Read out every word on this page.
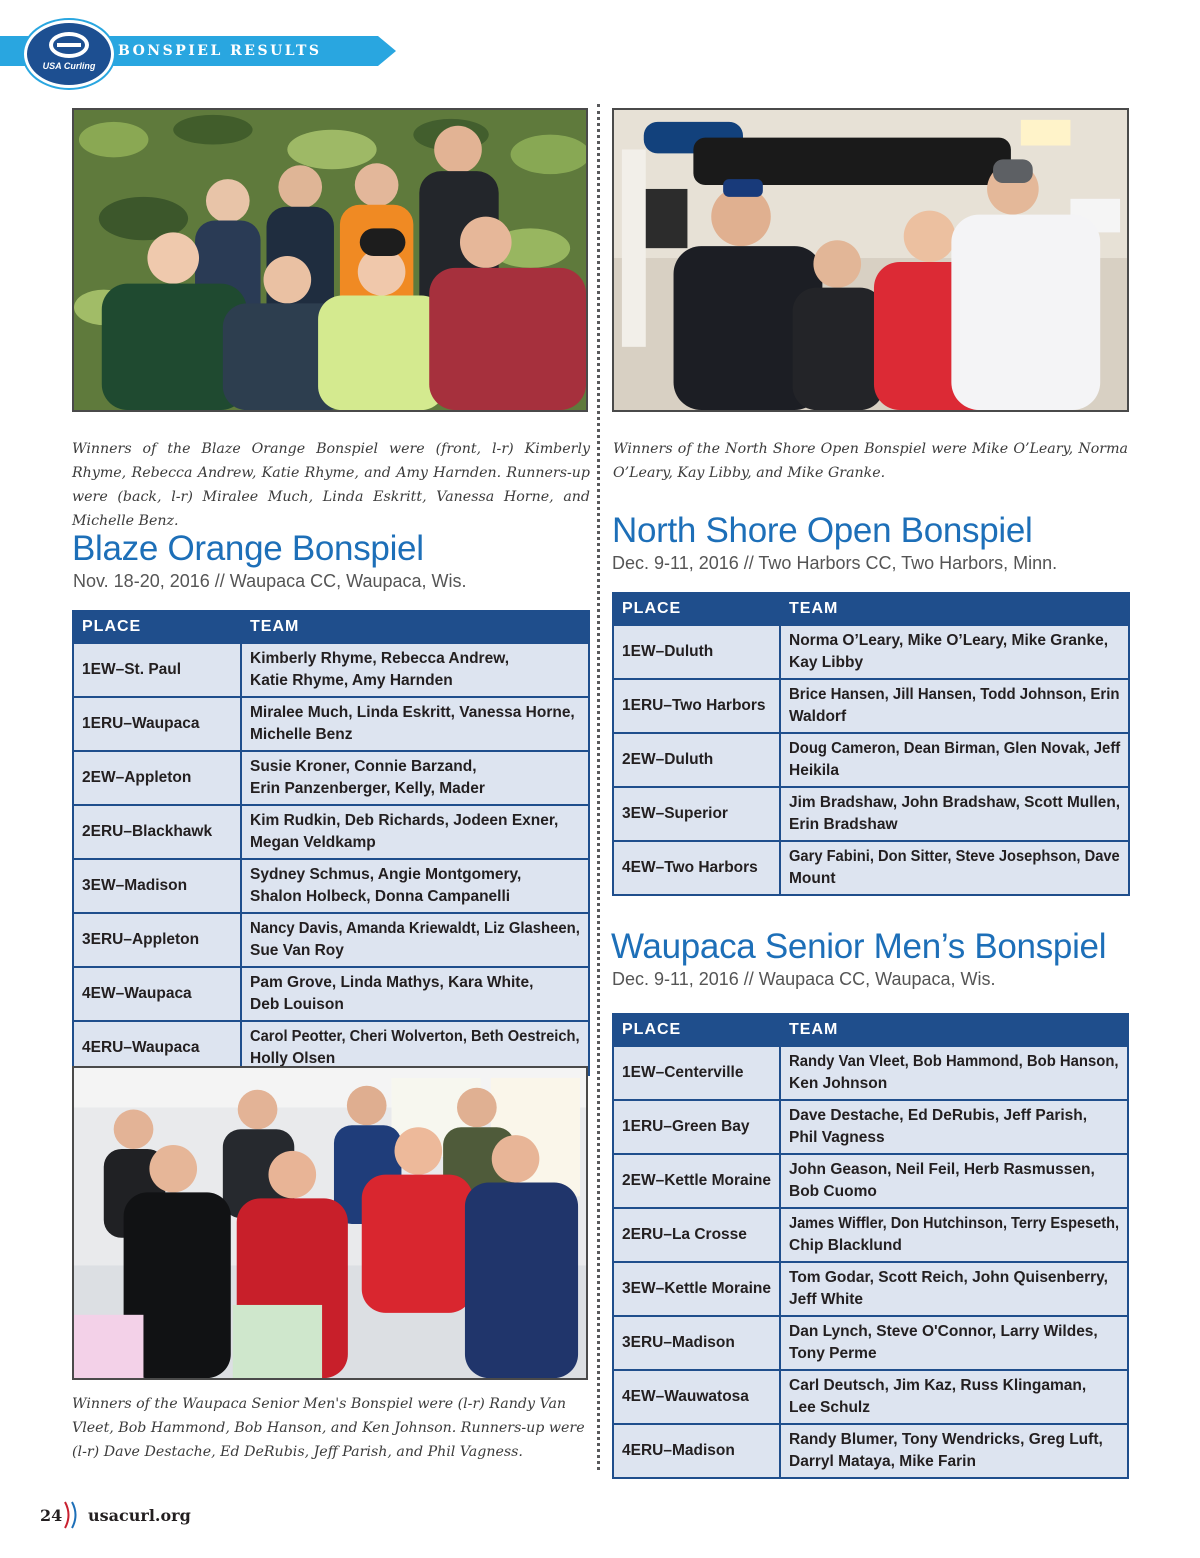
BONSPIEL RESULTS
USA Curling
Winners of the Blaze Orange Bonspiel were (front, l-r) Kimberly Rhyme, Rebecca Andrew, Katie Rhyme, and Amy Harnden. Runners-up were (back, l-r) Miralee Much, Linda Eskritt, Vanessa Horne, and Michelle Benz.
Winners of the North Shore Open Bonspiel were Mike O’Leary, Norma O’Leary, Kay Libby, and Mike Granke.
Blaze Orange Bonspiel
Nov. 18-20, 2016 // Waupaca CC, Waupaca, Wis.
PLACE	TEAM
1EW–St. Paul	Kimberly Rhyme, Rebecca Andrew,
Katie Rhyme, Amy Harnden
1ERU–Waupaca	Miralee Much, Linda Eskritt, Vanessa Horne,
Michelle Benz
2EW–Appleton	Susie Kroner, Connie Barzand,
Erin Panzenberger, Kelly, Mader
2ERU–Blackhawk	Kim Rudkin, Deb Richards, Jodeen Exner,
Megan Veldkamp
3EW–Madison	Sydney Schmus, Angie Montgomery,
Shalon Holbeck, Donna Campanelli
3ERU–Appleton	Nancy Davis, Amanda Kriewaldt, Liz Glasheen,
Sue Van Roy
4EW–Waupaca	Pam Grove, Linda Mathys, Kara White,
Deb Louison
4ERU–Waupaca	Carol Peotter, Cheri Wolverton, Beth Oestreich,
Holly Olsen
North Shore Open Bonspiel
Dec. 9-11, 2016 // Two Harbors CC, Two Harbors, Minn.
PLACE	TEAM
1EW–Duluth	Norma O’Leary, Mike O’Leary, Mike Granke,
Kay Libby
1ERU–Two Harbors	Brice Hansen, Jill Hansen, Todd Johnson, Erin
Waldorf
2EW–Duluth	Doug Cameron, Dean Birman, Glen Novak, Jeff
Heikila
3EW–Superior	Jim Bradshaw, John Bradshaw, Scott Mullen,
Erin Bradshaw
4EW–Two Harbors	Gary Fabini, Don Sitter, Steve Josephson, Dave
Mount
Winners of the Waupaca Senior Men's Bonspiel were (l-r) Randy Van Vleet, Bob Hammond, Bob Hanson, and Ken Johnson. Runners-up were (l-r) Dave Destache, Ed DeRubis, Jeff Parish, and Phil Vagness.
Waupaca Senior Men’s Bonspiel
Dec. 9-11, 2016 // Waupaca CC, Waupaca, Wis.
PLACE	TEAM
1EW–Centerville	Randy Van Vleet, Bob Hammond, Bob Hanson,
Ken Johnson
1ERU–Green Bay	Dave Destache, Ed DeRubis, Jeff Parish,
Phil Vagness
2EW–Kettle Moraine	John Geason, Neil Feil, Herb Rasmussen,
Bob Cuomo
2ERU–La Crosse	James Wiffler, Don Hutchinson, Terry Espeseth,
Chip Blacklund
3EW–Kettle Moraine	Tom Godar, Scott Reich, John Quisenberry,
Jeff White
3ERU–Madison	Dan Lynch, Steve O'Connor, Larry Wildes,
Tony Perme
4EW–Wauwatosa	Carl Deutsch, Jim Kaz, Russ Klingaman,
Lee Schulz
4ERU–Madison	Randy Blumer, Tony Wendricks, Greg Luft,
Darryl Mataya, Mike Farin
24 usacurl.org
